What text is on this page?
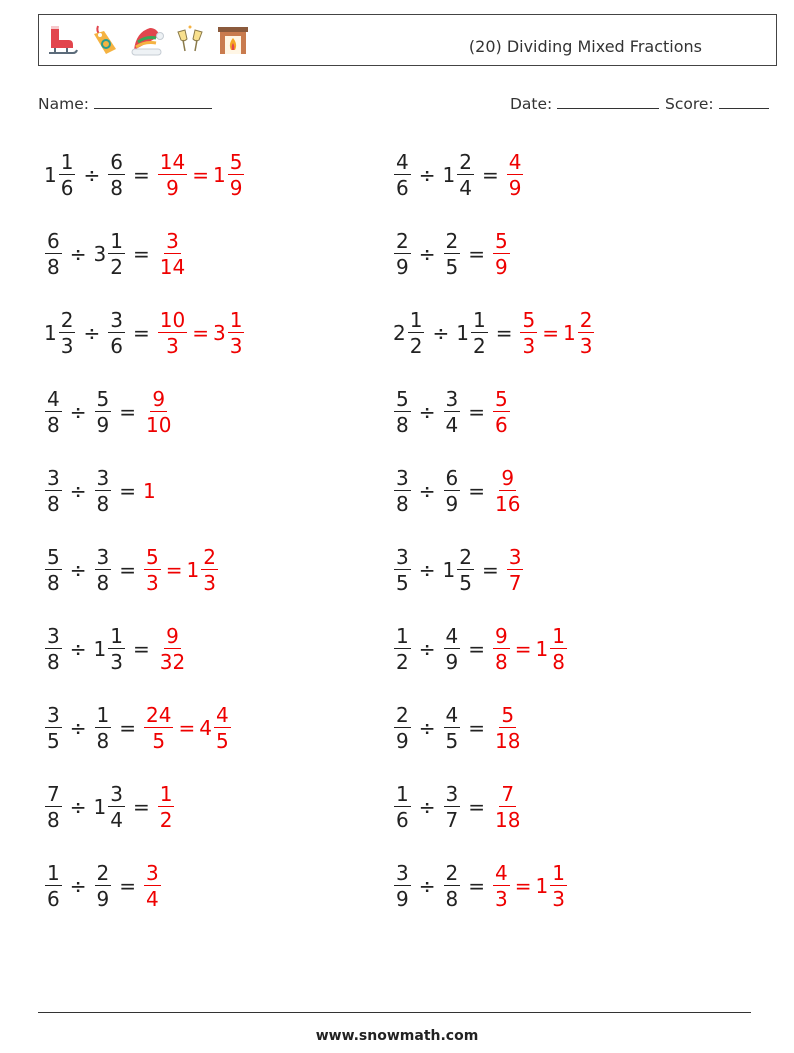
(20) Dividing Mixed Fractions
Name:	Date:	Score:
$1 \frac{1}{6} \div \frac{6}{8} = \frac{14}{9} = 1 \frac{5}{9}$	$\frac{4}{6} \div 1 \frac{2}{4} = \frac{4}{9}$
$\frac{6}{8} \div 3 \frac{1}{2} = \frac{3}{14}$	$\frac{2}{9} \div \frac{2}{5} = \frac{5}{9}$
$1 \frac{2}{3} \div \frac{3}{6} = \frac{10}{3} = 3 \frac{1}{3}$	$2 \frac{1}{2} \div 1 \frac{1}{2} = \frac{5}{3} = 1 \frac{2}{3}$
$\frac{4}{8} \div \frac{5}{9} = \frac{9}{10}$	$\frac{5}{8} \div \frac{3}{4} = \frac{5}{6}$
$\frac{3}{8} \div \frac{3}{8} = 1$	$\frac{3}{8} \div \frac{6}{9} = \frac{9}{16}$
$\frac{5}{8} \div \frac{3}{8} = \frac{5}{3} = 1 \frac{2}{3}$	$\frac{3}{5} \div 1 \frac{2}{5} = \frac{3}{7}$
$\frac{3}{8} \div 1 \frac{1}{3} = \frac{9}{32}$	$\frac{1}{2} \div \frac{4}{9} = \frac{9}{8} = 1 \frac{1}{8}$
$\frac{3}{5} \div \frac{1}{8} = \frac{24}{5} = 4 \frac{4}{5}$	$\frac{2}{9} \div \frac{4}{5} = \frac{5}{18}$
$\frac{7}{8} \div 1 \frac{3}{4} = \frac{1}{2}$	$\frac{1}{6} \div \frac{3}{7} = \frac{7}{18}$
$\frac{1}{6} \div \frac{2}{9} = \frac{3}{4}$	$\frac{3}{9} \div \frac{2}{8} = \frac{4}{3} = 1 \frac{1}{3}$
www.snowmath.com
